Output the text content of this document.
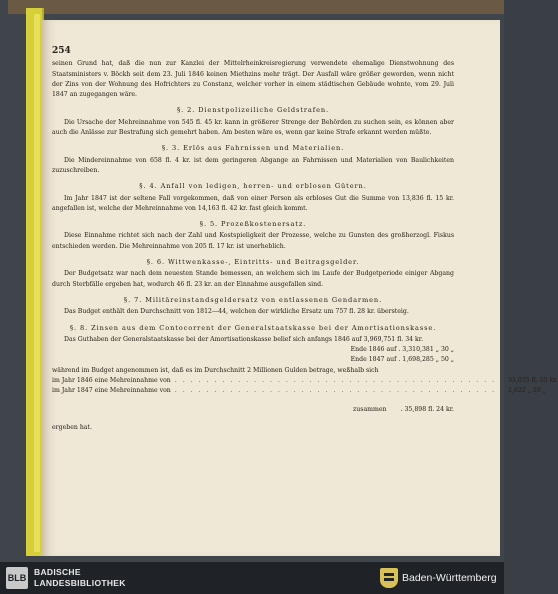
254

seinen Grund hat, daß die nun zur Kanzlei der Mittelrheinkreisregierung verwendete ehemalige Dienstwohnung des Staatsministers v. Böckh seit dem 23. Juli 1846 keinen Miethzins mehr trägt. Der Ausfall wäre größer geworden, wenn nicht der Zins von der Wohnung des Hofrichters zu Constanz, welcher vorher in einem städtischen Gebäude wohnte, vom 29. Juli 1847 an zugegangen wäre.

§. 2. Dienstpolizeiliche Geldstrafen.

Die Ursache der Mehreinnahme von 545 fl. 45 kr. kann in größerer Strenge der Behörden zu suchen sein, es können aber auch die Anlässe zur Bestrafung sich gemehrt haben. Am besten wäre es, wenn gar keine Strafe erkannt werden müßte.

§. 3. Erlös aus Fahrnissen und Materialien.

Die Mindereinnahme von 658 fl. 4 kr. ist dem geringeren Abgange an Fahrnissen und Materialien von Baulichkeiten zuzuschreiben.

§. 4. Anfall von ledigen, herren- und erblosen Gütern.

Im Jahr 1847 ist der seltene Fall vorgekommen, daß von einer Person als erbloses Gut die Summe von 13,836 fl. 15 kr. angefallen ist, welche der Mehreinnahme von 14,163 fl. 42 kr. fast gleich kommt.

§. 5. Prozeßkostenersatz.

Diese Einnahme richtet sich nach der Zahl und Kostspieligkeit der Prozesse, welche zu Gunsten des großherzogl. Fiskus entschieden werden. Die Mehreinnahme von 205 fl. 17 kr. ist unerheblich.

§. 6. Wittwenkasse-, Eintritts- und Beitragsgelder.

Der Budgetsatz war nach dem neuesten Stande bemessen, an welchem sich im Laufe der Budgetperiode einiger Abgang durch Sterbfälle ergeben hat, wodurch 46 fl. 23 kr. an der Einnahme ausgefallen sind.

§. 7. Militäreinstandsgeldersatz von entlassenen Gendarmen.

Das Budget enthält den Durchschnitt von 1812—44, welchen der wirkliche Ersatz um 757 fl. 28 kr. übersteig.

§. 8. Zinsen aus dem Contocorrent der Generalstaatskasse bei der Amortisationskasse.

Das Guthaben der Generalstaatskasse bei der Amortisationskasse belief sich anfangs 1846 auf 3,969,751 fl. 34 kr.

Ende 1846 auf . 3,310,381 „ 30 „
Ende 1847 auf . 1,698,285 „ 50 „

während im Budget angenommen ist, daß es im Durchschnitt 2 Millionen Gulden betrage, weßhalb sich

im Jahr 1846 eine Mehreinnahme von . . . . . . . . . . . . . . . . . . . . . . . . . . . . . . . . . . . . . . . . . . 33,075 fl. 55 kr.
im Jahr 1847 eine Mehreinnahme von . . . . . . . . . . . . . . . . . . . . . . . . . . . . . . . . . . . . . . . . . . 2,822 „ 29 „
zusammen . 35,898 fl. 24 kr.
ergeben hat.
BLB
BADISCHE
LANDESBIBLIOTHEK	Baden-Württemberg
